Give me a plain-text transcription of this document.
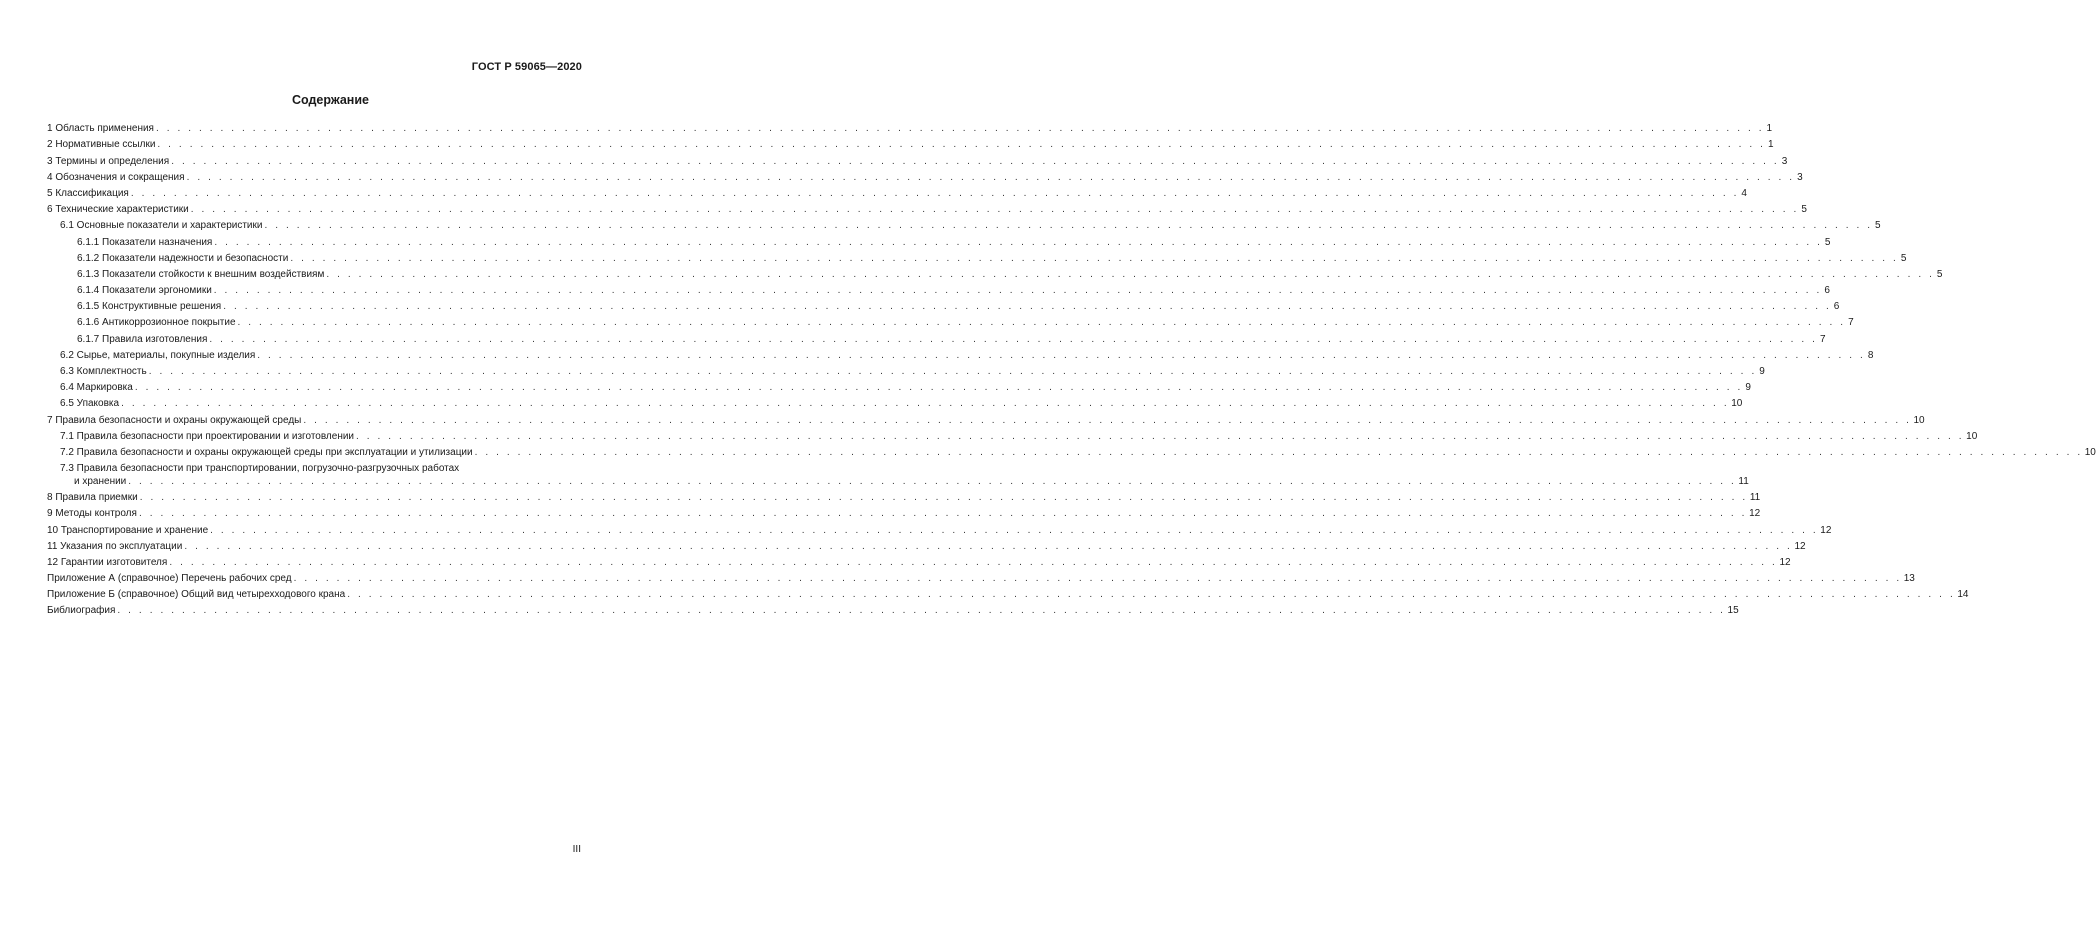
ГОСТ Р 59065—2020
Содержание
1 Область применения . . . . . . . . . . . . . . . . . . . . . . . . . . . . . . . . . . . . . . . . . . . . . . . . . . . . . . . . . . . . . . . . . . . . . . . . . . . . . . . . . . . . . . . . . . . . . . . . . . . . . . . . . . . . . . . . . . . . . . . . . . . . . . . . . . . . . . . . . . . . . . . . . . . . . . 1
2 Нормативные ссылки . . . . . . . . . . . . . . . . . . . . . . . . . . . . . . . . . . . . . . . . . . . . . . . . . . . . . . . . . . . . . . . . . . . . . . . . . . . . . . . . . . . . . . . . . . . . . . . . . . . . . . . . . . . . . . . . . . . . . . . . . . . . . . . . . . . . . . . . . . . . . . . . . . . . . . 1
3 Термины и определения . . . . . . . . . . . . . . . . . . . . . . . . . . . . . . . . . . . . . . . . . . . . . . . . . . . . . . . . . . . . . . . . . . . . . . . . . . . . . . . . . . . . . . . . . . . . . . . . . . . . . . . . . . . . . . . . . . . . . . . . . . . . . . . . . . . . . . . . . . . . . . . . . . . . . . 3
4 Обозначения и сокращения . . . . . . . . . . . . . . . . . . . . . . . . . . . . . . . . . . . . . . . . . . . . . . . . . . . . . . . . . . . . . . . . . . . . . . . . . . . . . . . . . . . . . . . . . . . . . . . . . . . . . . . . . . . . . . . . . . . . . . . . . . . . . . . . . . . . . . . . . . . . . . . . . . . . . . 3
5 Классификация . . . . . . . . . . . . . . . . . . . . . . . . . . . . . . . . . . . . . . . . . . . . . . . . . . . . . . . . . . . . . . . . . . . . . . . . . . . . . . . . . . . . . . . . . . . . . . . . . . . . . . . . . . . . . . . . . . . . . . . . . . . . . . . . . . . . . . . . . . . . . . . . . . . . . . 4
6 Технические характеристики . . . . . . . . . . . . . . . . . . . . . . . . . . . . . . . . . . . . . . . . . . . . . . . . . . . . . . . . . . . . . . . . . . . . . . . . . . . . . . . . . . . . . . . . . . . . . . . . . . . . . . . . . . . . . . . . . . . . . . . . . . . . . . . . . . . . . . . . . . . . . . . . . . . . . . 5
6.1 Основные показатели и характеристики . . . . . . . . . . . . . . . . . . . . . . . . . . . . . . . . . . . . . . . . . . . . . . . . . . . . . . . . . . . . . . . . . . . . . . . . . . . . . . . . . . . . . . . . . . . . . . . . . . . . . . . . . . . . . . . . . . . . . . . . . . . . . . . . . . . . . . . . . . . . . . . . . . . . . . 5
6.1.1 Показатели назначения . . . . . . . . . . . . . . . . . . . . . . . . . . . . . . . . . . . . . . . . . . . . . . . . . . . . . . . . . . . . . . . . . . . . . . . . . . . . . . . . . . . . . . . . . . . . . . . . . . . . . . . . . . . . . . . . . . . . . . . . . . . . . . . . . . . . . . . . . . . . . . . . . . . . . . 5
6.1.2 Показатели надежности и безопасности . . . . . . . . . . . . . . . . . . . . . . . . . . . . . . . . . . . . . . . . . . . . . . . . . . . . . . . . . . . . . . . . . . . . . . . . . . . . . . . . . . . . . . . . . . . . . . . . . . . . . . . . . . . . . . . . . . . . . . . . . . . . . . . . . . . . . . . . . . . . . . . . . . . . . . 5
6.1.3 Показатели стойкости к внешним воздействиям . . . . . . . . . . . . . . . . . . . . . . . . . . . . . . . . . . . . . . . . . . . . . . . . . . . . . . . . . . . . . . . . . . . . . . . . . . . . . . . . . . . . . . . . . . . . . . . . . . . . . . . . . . . . . . . . . . . . . . . . . . . . . . . . . . . . . . . . . . . . . . . . . . . . . . 5
6.1.4 Показатели эргономики . . . . . . . . . . . . . . . . . . . . . . . . . . . . . . . . . . . . . . . . . . . . . . . . . . . . . . . . . . . . . . . . . . . . . . . . . . . . . . . . . . . . . . . . . . . . . . . . . . . . . . . . . . . . . . . . . . . . . . . . . . . . . . . . . . . . . . . . . . . . . . . . . . . . . . 6
6.1.5 Конструктивные решения . . . . . . . . . . . . . . . . . . . . . . . . . . . . . . . . . . . . . . . . . . . . . . . . . . . . . . . . . . . . . . . . . . . . . . . . . . . . . . . . . . . . . . . . . . . . . . . . . . . . . . . . . . . . . . . . . . . . . . . . . . . . . . . . . . . . . . . . . . . . . . . . . . . . . . 6
6.1.6 Антикоррозионное покрытие . . . . . . . . . . . . . . . . . . . . . . . . . . . . . . . . . . . . . . . . . . . . . . . . . . . . . . . . . . . . . . . . . . . . . . . . . . . . . . . . . . . . . . . . . . . . . . . . . . . . . . . . . . . . . . . . . . . . . . . . . . . . . . . . . . . . . . . . . . . . . . . . . . . . . . 7
6.1.7 Правила изготовления . . . . . . . . . . . . . . . . . . . . . . . . . . . . . . . . . . . . . . . . . . . . . . . . . . . . . . . . . . . . . . . . . . . . . . . . . . . . . . . . . . . . . . . . . . . . . . . . . . . . . . . . . . . . . . . . . . . . . . . . . . . . . . . . . . . . . . . . . . . . . . . . . . . . . . 7
6.2 Сырье, материалы, покупные изделия . . . . . . . . . . . . . . . . . . . . . . . . . . . . . . . . . . . . . . . . . . . . . . . . . . . . . . . . . . . . . . . . . . . . . . . . . . . . . . . . . . . . . . . . . . . . . . . . . . . . . . . . . . . . . . . . . . . . . . . . . . . . . . . . . . . . . . . . . . . . . . . . . . . . . . 8
6.3 Комплектность . . . . . . . . . . . . . . . . . . . . . . . . . . . . . . . . . . . . . . . . . . . . . . . . . . . . . . . . . . . . . . . . . . . . . . . . . . . . . . . . . . . . . . . . . . . . . . . . . . . . . . . . . . . . . . . . . . . . . . . . . . . . . . . . . . . . . . . . . . . . . . . . . . . . . . 9
6.4 Маркировка . . . . . . . . . . . . . . . . . . . . . . . . . . . . . . . . . . . . . . . . . . . . . . . . . . . . . . . . . . . . . . . . . . . . . . . . . . . . . . . . . . . . . . . . . . . . . . . . . . . . . . . . . . . . . . . . . . . . . . . . . . . . . . . . . . . . . . . . . . . . . . . . . . . . . . 9
6.5 Упаковка . . . . . . . . . . . . . . . . . . . . . . . . . . . . . . . . . . . . . . . . . . . . . . . . . . . . . . . . . . . . . . . . . . . . . . . . . . . . . . . . . . . . . . . . . . . . . . . . . . . . . . . . . . . . . . . . . . . . . . . . . . . . . . . . . . . . . . . . . . . . . . . . . . . . . . 10
7 Правила безопасности и охраны окружающей среды . . . . . . . . . . . . . . . . . . . . . . . . . . . . . . . . . . . . . . . . . . . . . . . . . . . . . . . . . . . . . . . . . . . . . . . . . . . . . . . . . . . . . . . . . . . . . . . . . . . . . . . . . . . . . . . . . . . . . . . . . . . . . . . . . . . . . . . . . . . . . . . . . . . . . . 10
7.1 Правила безопасности при проектировании и изготовлении . . . . . . . . . . . . . . . . . . . . . . . . . . . . . . . . . . . . . . . . . . . . . . . . . . . . . . . . . . . . . . . . . . . . . . . . . . . . . . . . . . . . . . . . . . . . . . . . . . . . . . . . . . . . . . . . . . . . . . . . . . . . . . . . . . . . . . . . . . . . . . . . . . . . . . 10
7.2 Правила безопасности и охраны окружающей среды при эксплуатации и утилизации . . . . . . . . . . . . . . . . . . . . . . . . . . . . . . . . . . . . . . . . . . . . . . . . . . . . . . . . . . . . . . . . . . . . . . . . . . . . . . . . . . . . . . . . . . . . . . . . . . . . . . . . . . . . . . . . . . . . . . . . . . . . . . . . . . . . . . . . . . . . . . . . . . . . . . 10
7.3 Правила безопасности при транспортировании, погрузочно-разгрузочных работах
и хранении . . . . . . . . . . . . . . . . . . . . . . . . . . . . . . . . . . . . . . . . . . . . . . . . . . . . . . . . . . . . . . . . . . . . . . . . . . . . . . . . . . . . . . . . . . . . . . . . . . . . . . . . . . . . . . . . . . . . . . . . . . . . . . . . . . . . . . . . . . . . . . . . . . . . . . 11
8 Правила приемки . . . . . . . . . . . . . . . . . . . . . . . . . . . . . . . . . . . . . . . . . . . . . . . . . . . . . . . . . . . . . . . . . . . . . . . . . . . . . . . . . . . . . . . . . . . . . . . . . . . . . . . . . . . . . . . . . . . . . . . . . . . . . . . . . . . . . . . . . . . . . . . . . . . . . . 11
9 Методы контроля . . . . . . . . . . . . . . . . . . . . . . . . . . . . . . . . . . . . . . . . . . . . . . . . . . . . . . . . . . . . . . . . . . . . . . . . . . . . . . . . . . . . . . . . . . . . . . . . . . . . . . . . . . . . . . . . . . . . . . . . . . . . . . . . . . . . . . . . . . . . . . . . . . . . . . 12
10 Транспортирование и хранение . . . . . . . . . . . . . . . . . . . . . . . . . . . . . . . . . . . . . . . . . . . . . . . . . . . . . . . . . . . . . . . . . . . . . . . . . . . . . . . . . . . . . . . . . . . . . . . . . . . . . . . . . . . . . . . . . . . . . . . . . . . . . . . . . . . . . . . . . . . . . . . . . . . . . . 12
11 Указания по эксплуатации . . . . . . . . . . . . . . . . . . . . . . . . . . . . . . . . . . . . . . . . . . . . . . . . . . . . . . . . . . . . . . . . . . . . . . . . . . . . . . . . . . . . . . . . . . . . . . . . . . . . . . . . . . . . . . . . . . . . . . . . . . . . . . . . . . . . . . . . . . . . . . . . . . . . . . 12
12 Гарантии изготовителя . . . . . . . . . . . . . . . . . . . . . . . . . . . . . . . . . . . . . . . . . . . . . . . . . . . . . . . . . . . . . . . . . . . . . . . . . . . . . . . . . . . . . . . . . . . . . . . . . . . . . . . . . . . . . . . . . . . . . . . . . . . . . . . . . . . . . . . . . . . . . . . . . . . . . . 12
Приложение А (справочное) Перечень рабочих сред . . . . . . . . . . . . . . . . . . . . . . . . . . . . . . . . . . . . . . . . . . . . . . . . . . . . . . . . . . . . . . . . . . . . . . . . . . . . . . . . . . . . . . . . . . . . . . . . . . . . . . . . . . . . . . . . . . . . . . . . . . . . . . . . . . . . . . . . . . . . . . . . . . . . . . 13
Приложение Б (справочное) Общий вид четырехходового крана . . . . . . . . . . . . . . . . . . . . . . . . . . . . . . . . . . . . . . . . . . . . . . . . . . . . . . . . . . . . . . . . . . . . . . . . . . . . . . . . . . . . . . . . . . . . . . . . . . . . . . . . . . . . . . . . . . . . . . . . . . . . . . . . . . . . . . . . . . . . . . . . . . . . . . 14
Библиография . . . . . . . . . . . . . . . . . . . . . . . . . . . . . . . . . . . . . . . . . . . . . . . . . . . . . . . . . . . . . . . . . . . . . . . . . . . . . . . . . . . . . . . . . . . . . . . . . . . . . . . . . . . . . . . . . . . . . . . . . . . . . . . . . . . . . . . . . . . . . . . . . . . . . . 15
III
